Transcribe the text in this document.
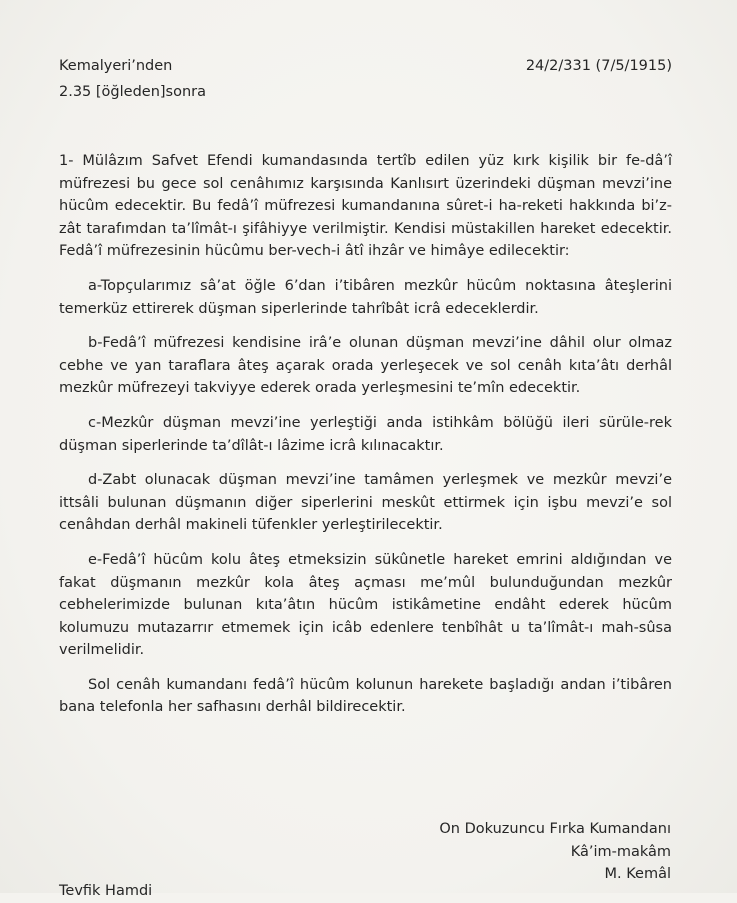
Kemalyeri’nden
2.35 [öğleden]sonra
24/2/331 (7/5/1915)

1- Mülâzım Safvet Efendi kumandasında tertîb edilen yüz kırk kişilik bir fe-dâ’î müfrezesi bu gece sol cenâhımız karşısında Kanlısırt üzerindeki düşman mevzi’ine hücûm edecektir. Bu fedâ’î müfrezesi kumandanına sûret-i ha-reketi hakkında bi’z-zât tarafımdan ta’lîmât-ı şifâhiyye verilmiştir. Kendisi müstakillen hareket edecektir. Fedâ’î müfrezesinin hücûmu ber-vech-i âtî ihzâr ve himâye edilecektir:

a-Topçularımız sâ’at öğle 6’dan i’tibâren mezkûr hücûm noktasına âteşlerini temerküz ettirerek düşman siperlerinde tahrîbât icrâ edeceklerdir.

b-Fedâ’î müfrezesi kendisine irâ’e olunan düşman mevzi’ine dâhil olur olmaz cebhe ve yan taraflara âteş açarak orada yerleşecek ve sol cenâh kıta’âtı derhâl mezkûr müfrezeyi takviyye ederek orada yerleşmesini te’mîn edecektir.

c-Mezkûr düşman mevzi’ine yerleştiği anda istihkâm bölüğü ileri sürüle-rek düşman siperlerinde ta’dîlât-ı lâzime icrâ kılınacaktır.

d-Zabt olunacak düşman mevzi’ine tamâmen yerleşmek ve mezkûr mevzi’e ittsâli bulunan düşmanın diğer siperlerini meskût ettirmek için işbu mevzi’e sol cenâhdan derhâl makineli tüfenkler yerleştirilecektir.

e-Fedâ’î hücûm kolu âteş etmeksizin sükûnetle hareket emrini aldığından ve fakat düşmanın mezkûr kola âteş açması me’mûl bulunduğundan mezkûr cebhelerimizde bulunan kıta’âtın hücûm istikâmetine endâht ederek hücûm kolumuzu mutazarrır etmemek için icâb edenlere tenbîhât u ta’lîmât-ı mah-sûsa verilmelidir.

Sol cenâh kumandanı fedâ’î hücûm kolunun harekete başladığı andan i’tibâren bana telefonla her safhasını derhâl bildirecektir.

On Dokuzuncu Fırka Kumandanı
Kâ’im-makâm
M. Kemâl
Tevfik Hamdi
